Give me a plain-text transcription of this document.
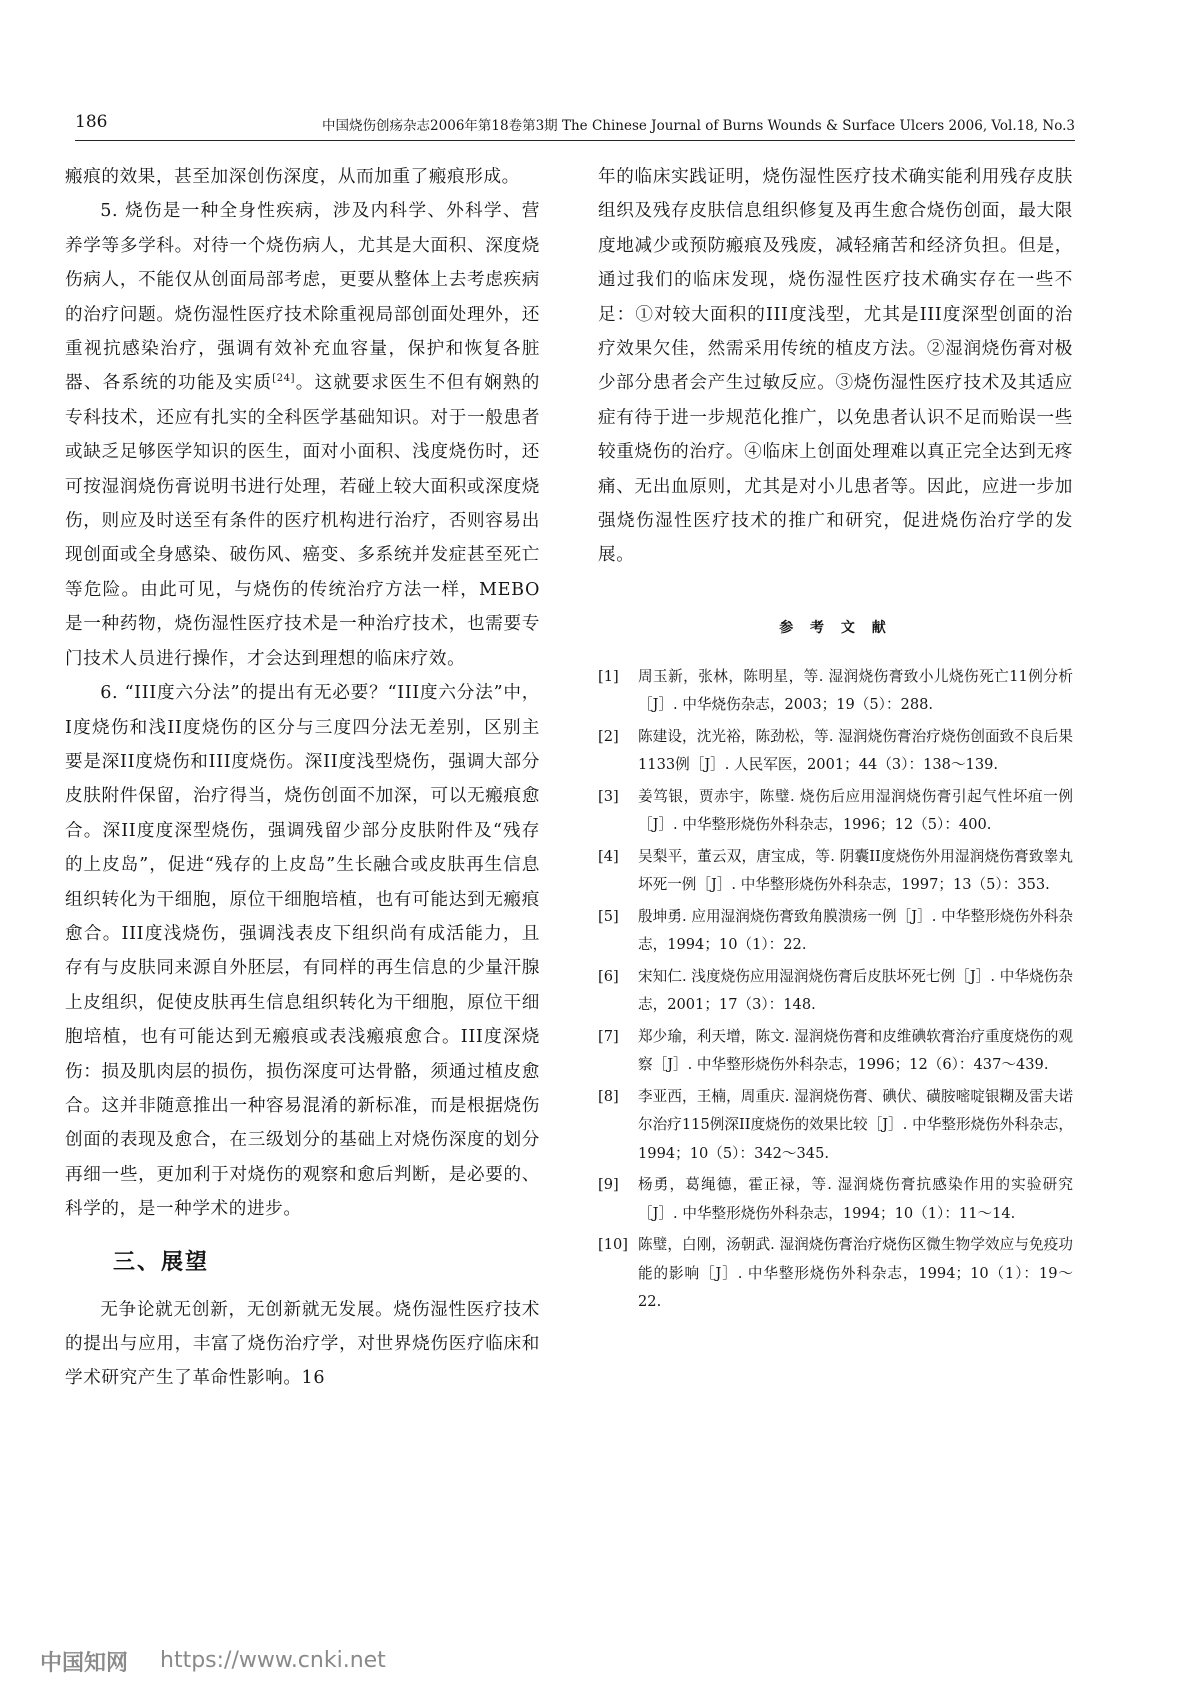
186	中国烧伤创疡杂志2006年第18卷第3期 The Chinese Journal of Burns Wounds & Surface Ulcers 2006, Vol.18, No.3

瘢痕的效果，甚至加深创伤深度，从而加重了瘢痕形成。

5. 烧伤是一种全身性疾病，涉及内科学、外科学、营养学等多学科。对待一个烧伤病人，尤其是大面积、深度烧伤病人，不能仅从创面局部考虑，更要从整体上去考虑疾病的治疗问题。烧伤湿性医疗技术除重视局部创面处理外，还重视抗感染治疗，强调有效补充血容量，保护和恢复各脏器、各系统的功能及实质[24]。这就要求医生不但有娴熟的专科技术，还应有扎实的全科医学基础知识。对于一般患者或缺乏足够医学知识的医生，面对小面积、浅度烧伤时，还可按湿润烧伤膏说明书进行处理，若碰上较大面积或深度烧伤，则应及时送至有条件的医疗机构进行治疗，否则容易出现创面或全身感染、破伤风、癌变、多系统并发症甚至死亡等危险。由此可见，与烧伤的传统治疗方法一样，MEBO是一种药物，烧伤湿性医疗技术是一种治疗技术，也需要专门技术人员进行操作，才会达到理想的临床疗效。

6. “III度六分法”的提出有无必要？“III度六分法”中，I度烧伤和浅II度烧伤的区分与三度四分法无差别，区别主要是深II度烧伤和III度烧伤。深II度浅型烧伤，强调大部分皮肤附件保留，治疗得当，烧伤创面不加深，可以无瘢痕愈合。深II度度深型烧伤，强调残留少部分皮肤附件及“残存的上皮岛”，促进“残存的上皮岛”生长融合或皮肤再生信息组织转化为干细胞，原位干细胞培植，也有可能达到无瘢痕愈合。III度浅烧伤，强调浅表皮下组织尚有成活能力，且存有与皮肤同来源自外胚层，有同样的再生信息的少量汗腺上皮组织，促使皮肤再生信息组织转化为干细胞，原位干细胞培植，也有可能达到无瘢痕或表浅瘢痕愈合。III度深烧伤：损及肌肉层的损伤，损伤深度可达骨骼，须通过植皮愈合。这并非随意推出一种容易混淆的新标准，而是根据烧伤创面的表现及愈合，在三级划分的基础上对烧伤深度的划分再细一些，更加利于对烧伤的观察和愈后判断，是必要的、科学的，是一种学术的进步。

三、展望

无争论就无创新，无创新就无发展。烧伤湿性医疗技术的提出与应用，丰富了烧伤治疗学，对世界烧伤医疗临床和学术研究产生了革命性影响。16

年的临床实践证明，烧伤湿性医疗技术确实能利用残存皮肤组织及残存皮肤信息组织修复及再生愈合烧伤创面，最大限度地减少或预防瘢痕及残废，减轻痛苦和经济负担。但是，通过我们的临床发现，烧伤湿性医疗技术确实存在一些不足：①对较大面积的III度浅型，尤其是III度深型创面的治疗效果欠佳，然需采用传统的植皮方法。②湿润烧伤膏对极少部分患者会产生过敏反应。③烧伤湿性医疗技术及其适应症有待于进一步规范化推广，以免患者认识不足而贻误一些较重烧伤的治疗。④临床上创面处理难以真正完全达到无疼痛、无出血原则，尤其是对小儿患者等。因此，应进一步加强烧伤湿性医疗技术的推广和研究，促进烧伤治疗学的发展。

参 考 文 献
[1]	周玉新，张林，陈明星，等. 湿润烧伤膏致小儿烧伤死亡11例分析［J］. 中华烧伤杂志，2003；19（5）：288.
[2]	陈建设，沈光裕，陈劲松，等. 湿润烧伤膏治疗烧伤创面致不良后果1133例［J］. 人民军医，2001；44（3）：138～139.
[3]	姜笃银，贾赤宇，陈璧. 烧伤后应用湿润烧伤膏引起气性坏疽一例［J］. 中华整形烧伤外科杂志，1996；12（5）：400.
[4]	吴梨平，董云双，唐宝成，等. 阴囊II度烧伤外用湿润烧伤膏致睾丸坏死一例［J］. 中华整形烧伤外科杂志，1997；13（5）：353.
[5]	殷坤勇. 应用湿润烧伤膏致角膜溃疡一例［J］. 中华整形烧伤外科杂志，1994；10（1）：22.
[6]	宋知仁. 浅度烧伤应用湿润烧伤膏后皮肤坏死七例［J］. 中华烧伤杂志，2001；17（3）：148.
[7]	郑少瑜，利天增，陈文. 湿润烧伤膏和皮维碘软膏治疗重度烧伤的观察［J］. 中华整形烧伤外科杂志，1996；12（6）：437～439.
[8]	李亚西，王楠，周重庆. 湿润烧伤膏、碘伏、磺胺嘧啶银糊及雷夫诺尔治疗115例深II度烧伤的效果比较［J］. 中华整形烧伤外科杂志，1994；10（5）：342～345.
[9]	杨勇，葛绳德，霍正禄，等. 湿润烧伤膏抗感染作用的实验研究［J］. 中华整形烧伤外科杂志，1994；10（1）：11～14.
[10] 陈璧，白刚，汤朝武. 湿润烧伤膏治疗烧伤区微生物学效应与免疫功能的影响［J］. 中华整形烧伤外科杂志，1994；10（1）：19～22.
中国知网 https://www.cnki.net
